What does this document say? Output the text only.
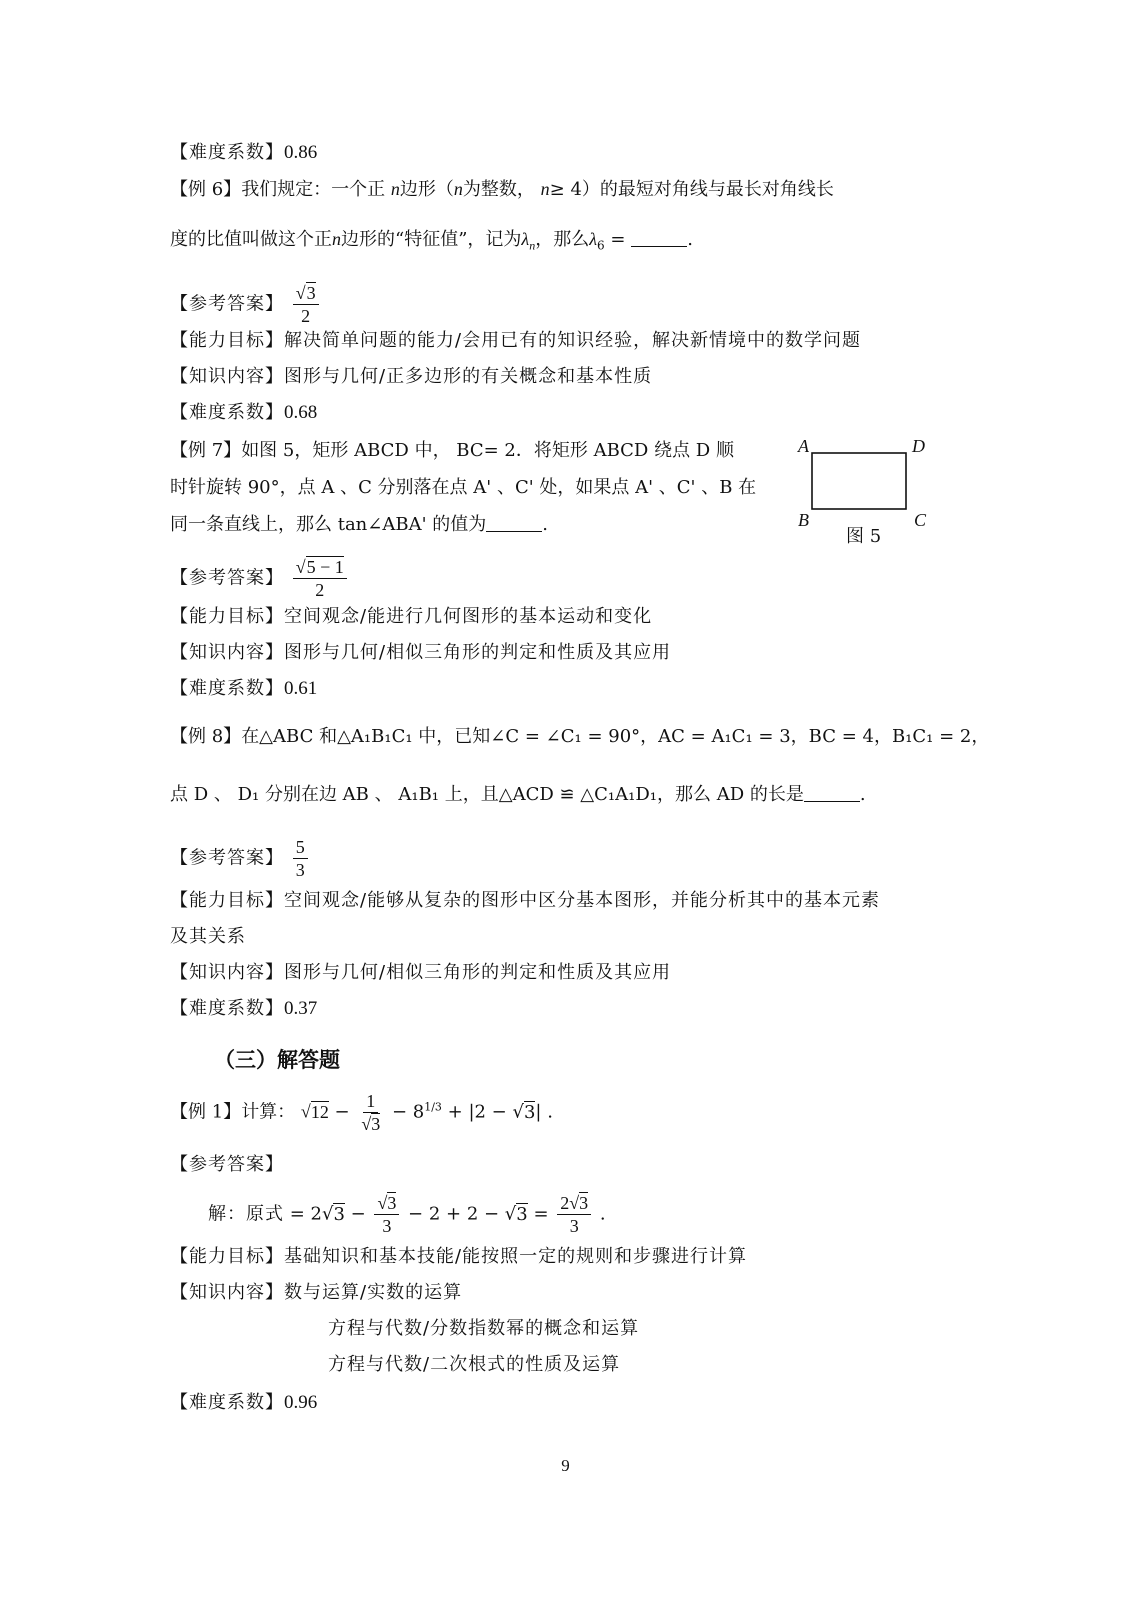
【难度系数】0.86
【例 6】我们规定：一个正 n边形（n为整数， n≥ 4）的最短对角线与最长对角线长
度的比值叫做这个正n边形的“特征值”，记为$\lambda_n$，那么$\lambda_6$ =	.
【参考答案】 $\frac{√3}{2}$
【能力目标】解决简单问题的能力/会用已有的知识经验，解决新情境中的数学问题
【知识内容】图形与几何/正多边形的有关概念和基本性质
【难度系数】0.68
【例 7】如图 5，矩形 ABCD 中， BC= 2．将矩形 ABCD 绕点 D 顺
时针旋转 90°，点 A 、C 分别落在点 A' 、C' 处，如果点 A' 、C' 、B 在
同一条直线上，那么 tan∠ABA' 的值为	.
A	D
B	C
图 5
【参考答案】 $\frac{√5 - 1}{2}$
【能力目标】空间观念/能进行几何图形的基本运动和变化
【知识内容】图形与几何/相似三角形的判定和性质及其应用
【难度系数】0.61
【例 8】在△ABC 和△A₁B₁C₁ 中，已知∠C = ∠C₁ = 90°，AC = A₁C₁ = 3，BC = 4，B₁C₁ = 2，
点 D 、 D₁ 分别在边 AB 、 A₁B₁ 上，且△ACD ≌ △C₁A₁D₁，那么 AD 的长是	.
【参考答案】 $\frac{5}{3}$
【能力目标】空间观念/能够从复杂的图形中区分基本图形，并能分析其中的基本元素
及其关系
【知识内容】图形与几何/相似三角形的判定和性质及其应用
【难度系数】0.37
（三）解答题
【例 1】计算： $√12 - \frac{1}{√3} - 8^{1/3} + |2 - √3|$ .
【参考答案】
解：原式 = $2√3 - \frac{√3}{3} - 2 + 2 - √3 = \frac{2√3}{3}$ .
【能力目标】基础知识和基本技能/能按照一定的规则和步骤进行计算
【知识内容】数与运算/实数的运算
方程与代数/分数指数幂的概念和运算
方程与代数/二次根式的性质及运算
【难度系数】0.96
9
